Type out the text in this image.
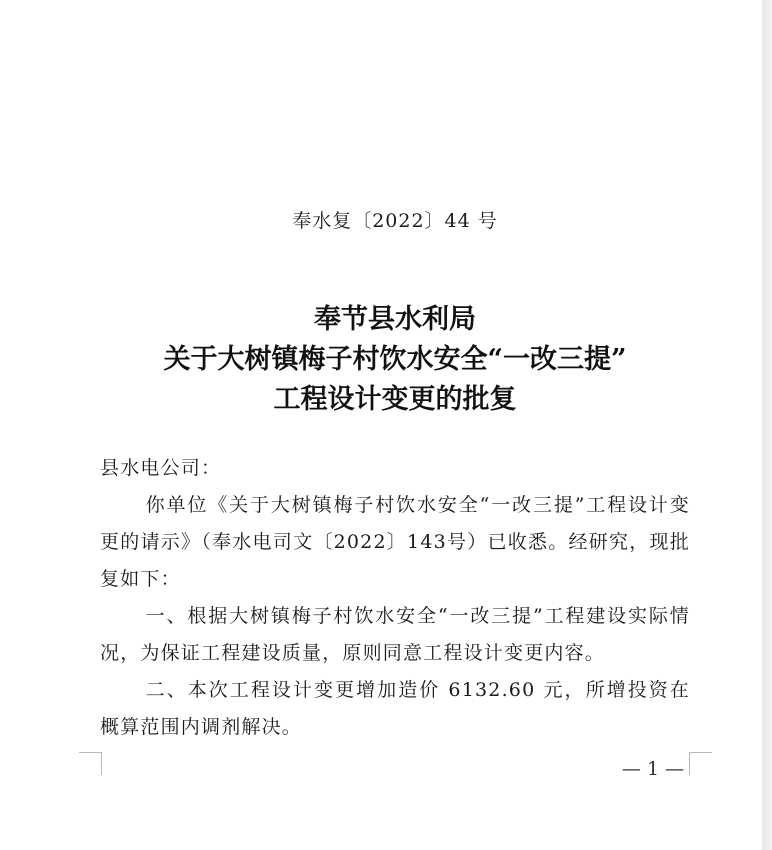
奉水复〔2022〕44 号
奉节县水利局
关于大树镇梅子村饮水安全“一改三提”
工程设计变更的批复

县水电公司：

你单位《关于大树镇梅子村饮水安全“一改三提”工程设计变更的请示》（奉水电司文〔2022〕143号）已收悉。经研究，现批复如下：

一、根据大树镇梅子村饮水安全“一改三提”工程建设实际情况，为保证工程建设质量，原则同意工程设计变更内容。

二、本次工程设计变更增加造价 6132.60 元，所增投资在概算范围内调剂解决。

— 1 —
